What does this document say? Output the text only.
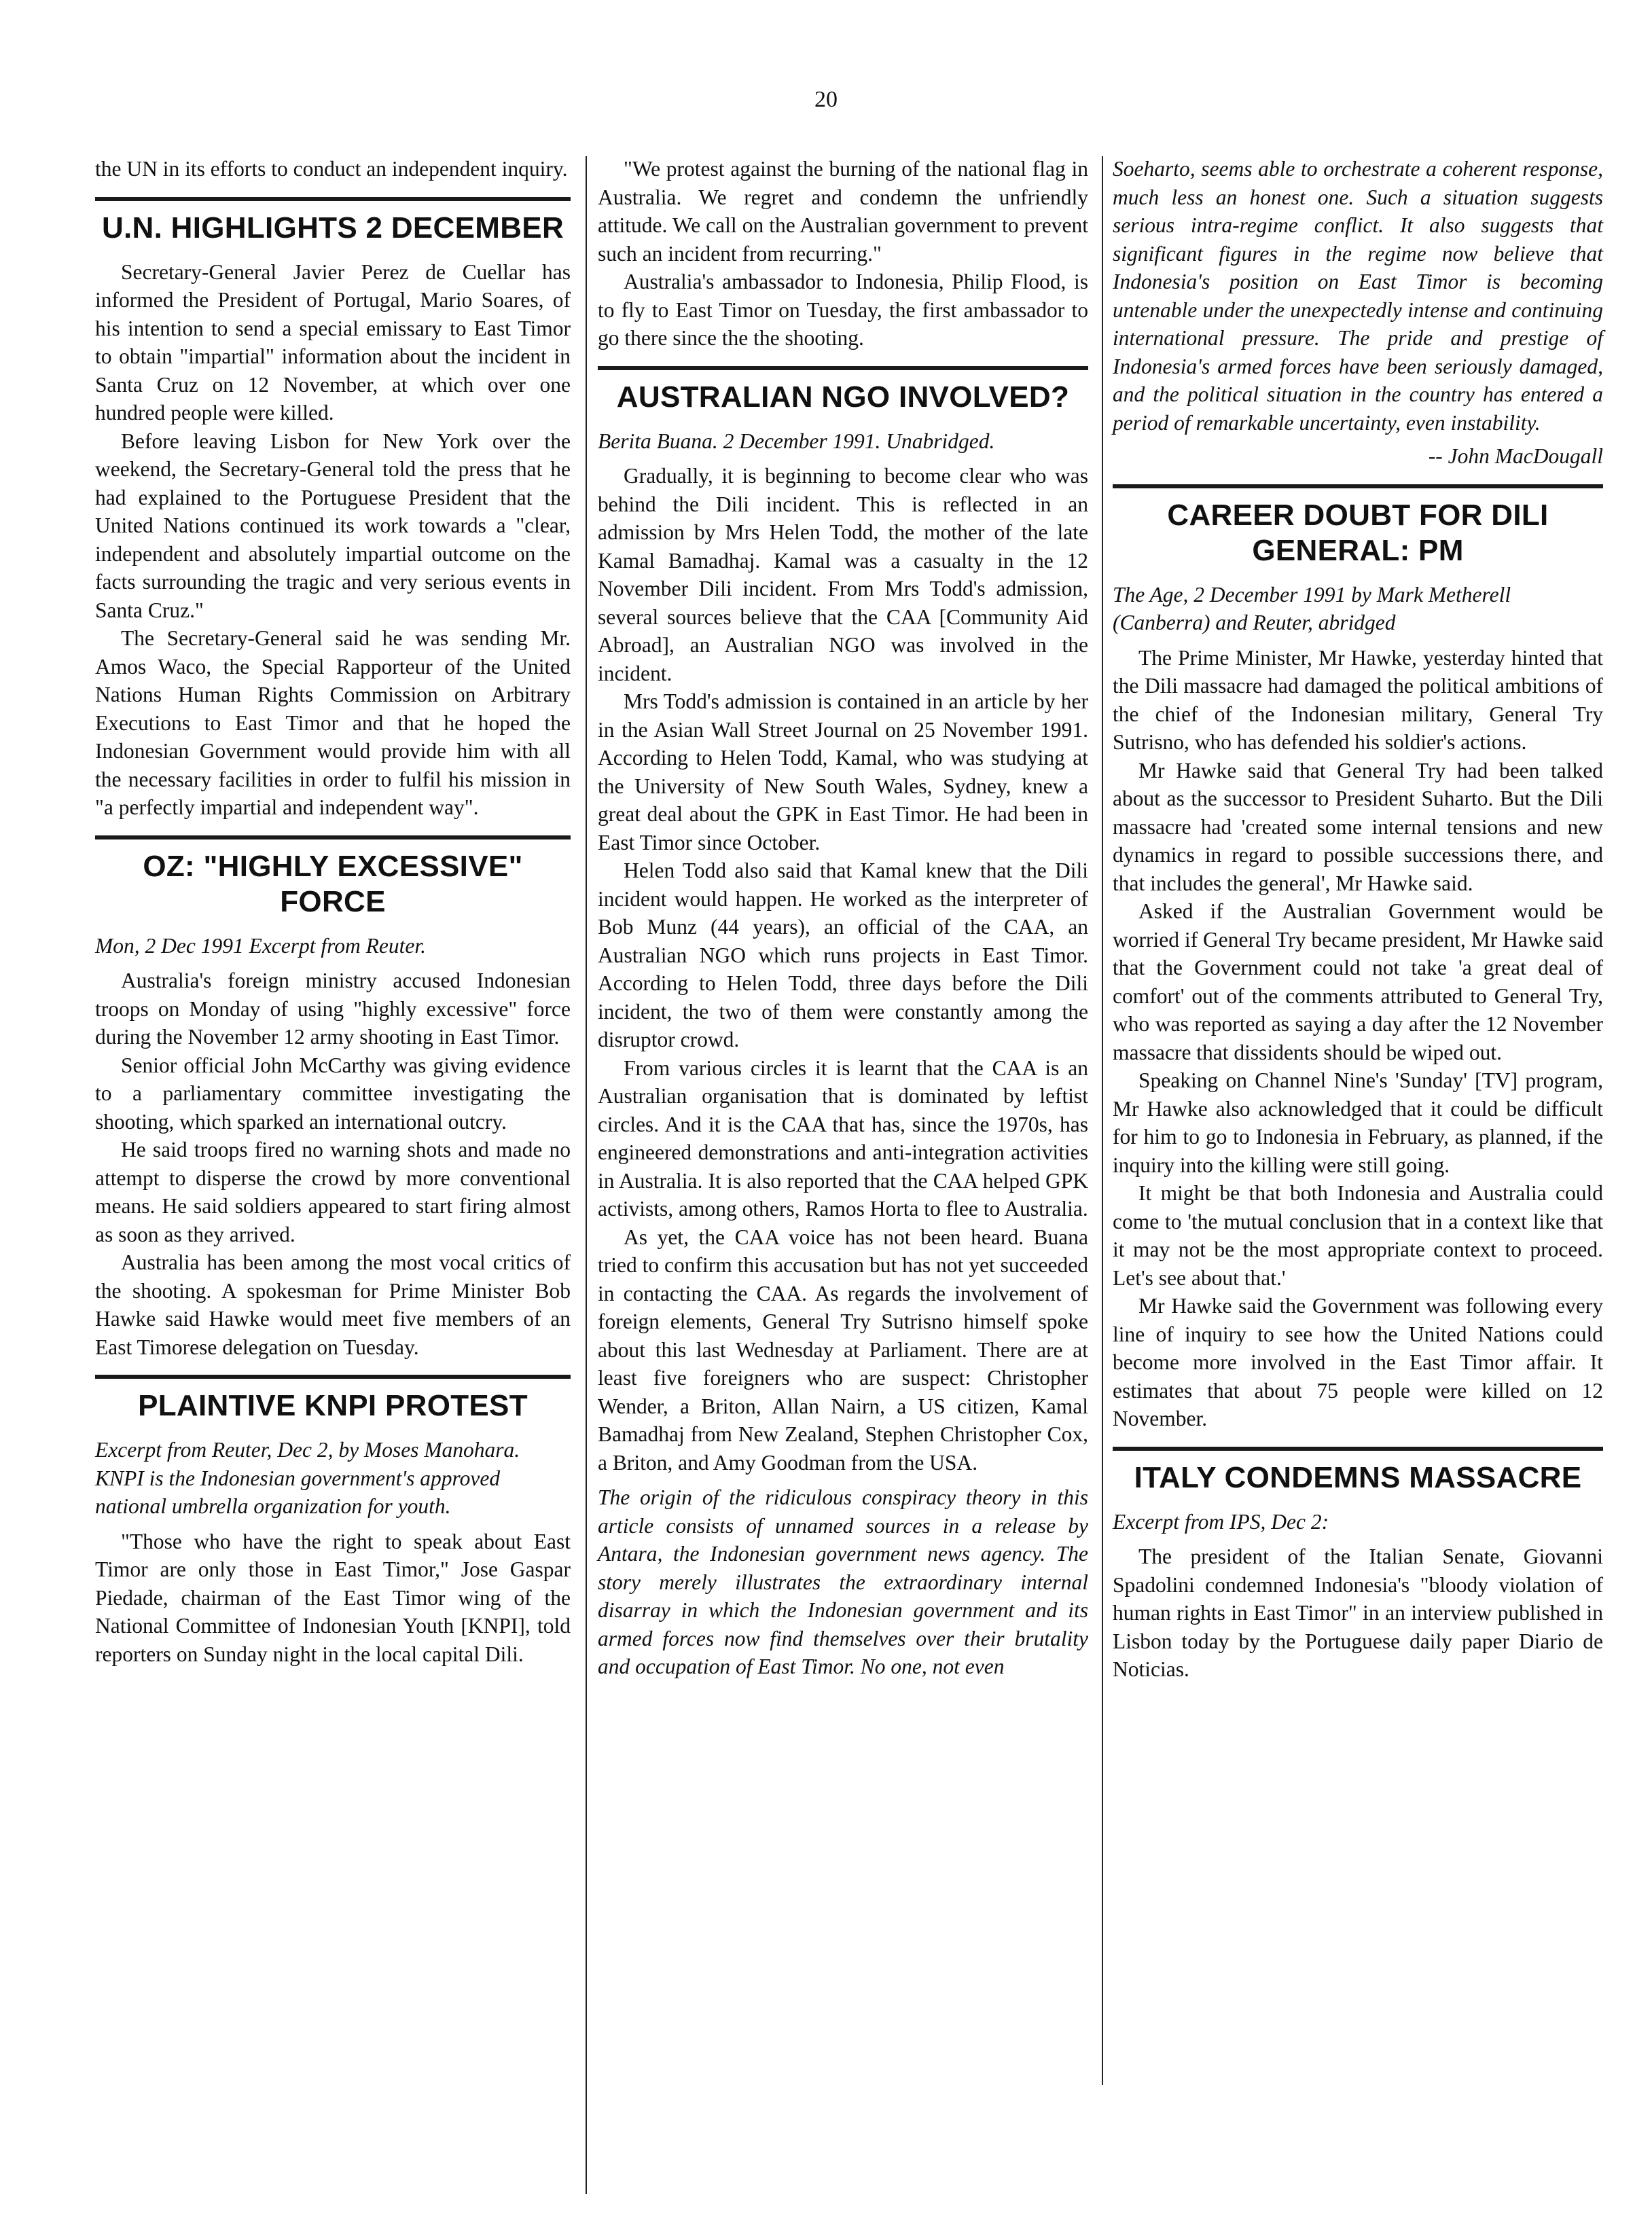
20

the UN in its efforts to conduct an independent inquiry.

U.N. HIGHLIGHTS 2 DECEMBER

Secretary-General Javier Perez de Cuellar has informed the President of Portugal, Mario Soares, of his intention to send a special emissary to East Timor to obtain "impartial" information about the incident in Santa Cruz on 12 November, at which over one hundred people were killed.

Before leaving Lisbon for New York over the weekend, the Secretary-General told the press that he had explained to the Portuguese President that the United Nations continued its work towards a "clear, independent and absolutely impartial outcome on the facts surrounding the tragic and very serious events in Santa Cruz."

The Secretary-General said he was sending Mr. Amos Waco, the Special Rapporteur of the United Nations Human Rights Commission on Arbitrary Executions to East Timor and that he hoped the Indonesian Government would provide him with all the necessary facilities in order to fulfil his mission in "a perfectly impartial and independent way".

OZ: "HIGHLY EXCESSIVE" FORCE

Mon, 2 Dec 1991 Excerpt from Reuter.

Australia's foreign ministry accused Indonesian troops on Monday of using "highly excessive" force during the November 12 army shooting in East Timor.

Senior official John McCarthy was giving evidence to a parliamentary committee investigating the shooting, which sparked an international outcry.

He said troops fired no warning shots and made no attempt to disperse the crowd by more conventional means. He said soldiers appeared to start firing almost as soon as they arrived.

Australia has been among the most vocal critics of the shooting. A spokesman for Prime Minister Bob Hawke said Hawke would meet five members of an East Timorese delegation on Tuesday.

PLAINTIVE KNPI PROTEST

Excerpt from Reuter, Dec 2, by Moses Manohara. KNPI is the Indonesian government's approved national umbrella organization for youth.

"Those who have the right to speak about East Timor are only those in East Timor," Jose Gaspar Piedade, chairman of the East Timor wing of the National Committee of Indonesian Youth [KNPI], told reporters on Sunday night in the local capital Dili.

"We protest against the burning of the national flag in Australia. We regret and condemn the unfriendly attitude. We call on the Australian government to prevent such an incident from recurring."

Australia's ambassador to Indonesia, Philip Flood, is to fly to East Timor on Tuesday, the first ambassador to go there since the the shooting.

AUSTRALIAN NGO INVOLVED?

Berita Buana. 2 December 1991. Unabridged.

Gradually, it is beginning to become clear who was behind the Dili incident. This is reflected in an admission by Mrs Helen Todd, the mother of the late Kamal Bamadhaj. Kamal was a casualty in the 12 November Dili incident. From Mrs Todd's admission, several sources believe that the CAA [Community Aid Abroad], an Australian NGO was involved in the incident.

Mrs Todd's admission is contained in an article by her in the Asian Wall Street Journal on 25 November 1991. According to Helen Todd, Kamal, who was studying at the University of New South Wales, Sydney, knew a great deal about the GPK in East Timor. He had been in East Timor since October.

Helen Todd also said that Kamal knew that the Dili incident would happen. He worked as the interpreter of Bob Munz (44 years), an official of the CAA, an Australian NGO which runs projects in East Timor. According to Helen Todd, three days before the Dili incident, the two of them were constantly among the disruptor crowd.

From various circles it is learnt that the CAA is an Australian organisation that is dominated by leftist circles. And it is the CAA that has, since the 1970s, has engineered demonstrations and anti-integration activities in Australia. It is also reported that the CAA helped GPK activists, among others, Ramos Horta to flee to Australia.

As yet, the CAA voice has not been heard. Buana tried to confirm this accusation but has not yet succeeded in contacting the CAA. As regards the involvement of foreign elements, General Try Sutrisno himself spoke about this last Wednesday at Parliament. There are at least five foreigners who are suspect: Christopher Wender, a Briton, Allan Nairn, a US citizen, Kamal Bamadhaj from New Zealand, Stephen Christopher Cox, a Briton, and Amy Goodman from the USA.

The origin of the ridiculous conspiracy theory in this article consists of unnamed sources in a release by Antara, the Indonesian government news agency. The story merely illustrates the extraordinary internal disarray in which the Indonesian government and its armed forces now find themselves over their brutality and occupation of East Timor. No one, not even

Soeharto, seems able to orchestrate a coherent response, much less an honest one. Such a situation suggests serious intra-regime conflict. It also suggests that significant figures in the regime now believe that Indonesia's position on East Timor is becoming untenable under the unexpectedly intense and continuing international pressure. The pride and prestige of Indonesia's armed forces have been seriously damaged, and the political situation in the country has entered a period of remarkable uncertainty, even instability.

-- John MacDougall

CAREER DOUBT FOR DILI GENERAL: PM

The Age, 2 December 1991 by Mark Metherell (Canberra) and Reuter, abridged

The Prime Minister, Mr Hawke, yesterday hinted that the Dili massacre had damaged the political ambitions of the chief of the Indonesian military, General Try Sutrisno, who has defended his soldier's actions.

Mr Hawke said that General Try had been talked about as the successor to President Suharto. But the Dili massacre had 'created some internal tensions and new dynamics in regard to possible successions there, and that includes the general', Mr Hawke said.

Asked if the Australian Government would be worried if General Try became president, Mr Hawke said that the Government could not take 'a great deal of comfort' out of the comments attributed to General Try, who was reported as saying a day after the 12 November massacre that dissidents should be wiped out.

Speaking on Channel Nine's 'Sunday' [TV] program, Mr Hawke also acknowledged that it could be difficult for him to go to Indonesia in February, as planned, if the inquiry into the killing were still going.

It might be that both Indonesia and Australia could come to 'the mutual conclusion that in a context like that it may not be the most appropriate context to proceed. Let's see about that.'

Mr Hawke said the Government was following every line of inquiry to see how the United Nations could become more involved in the East Timor affair. It estimates that about 75 people were killed on 12 November.

ITALY CONDEMNS MASSACRE

Excerpt from IPS, Dec 2:

The president of the Italian Senate, Giovanni Spadolini condemned Indonesia's "bloody violation of human rights in East Timor" in an interview published in Lisbon today by the Portuguese daily paper Diario de Noticias.
